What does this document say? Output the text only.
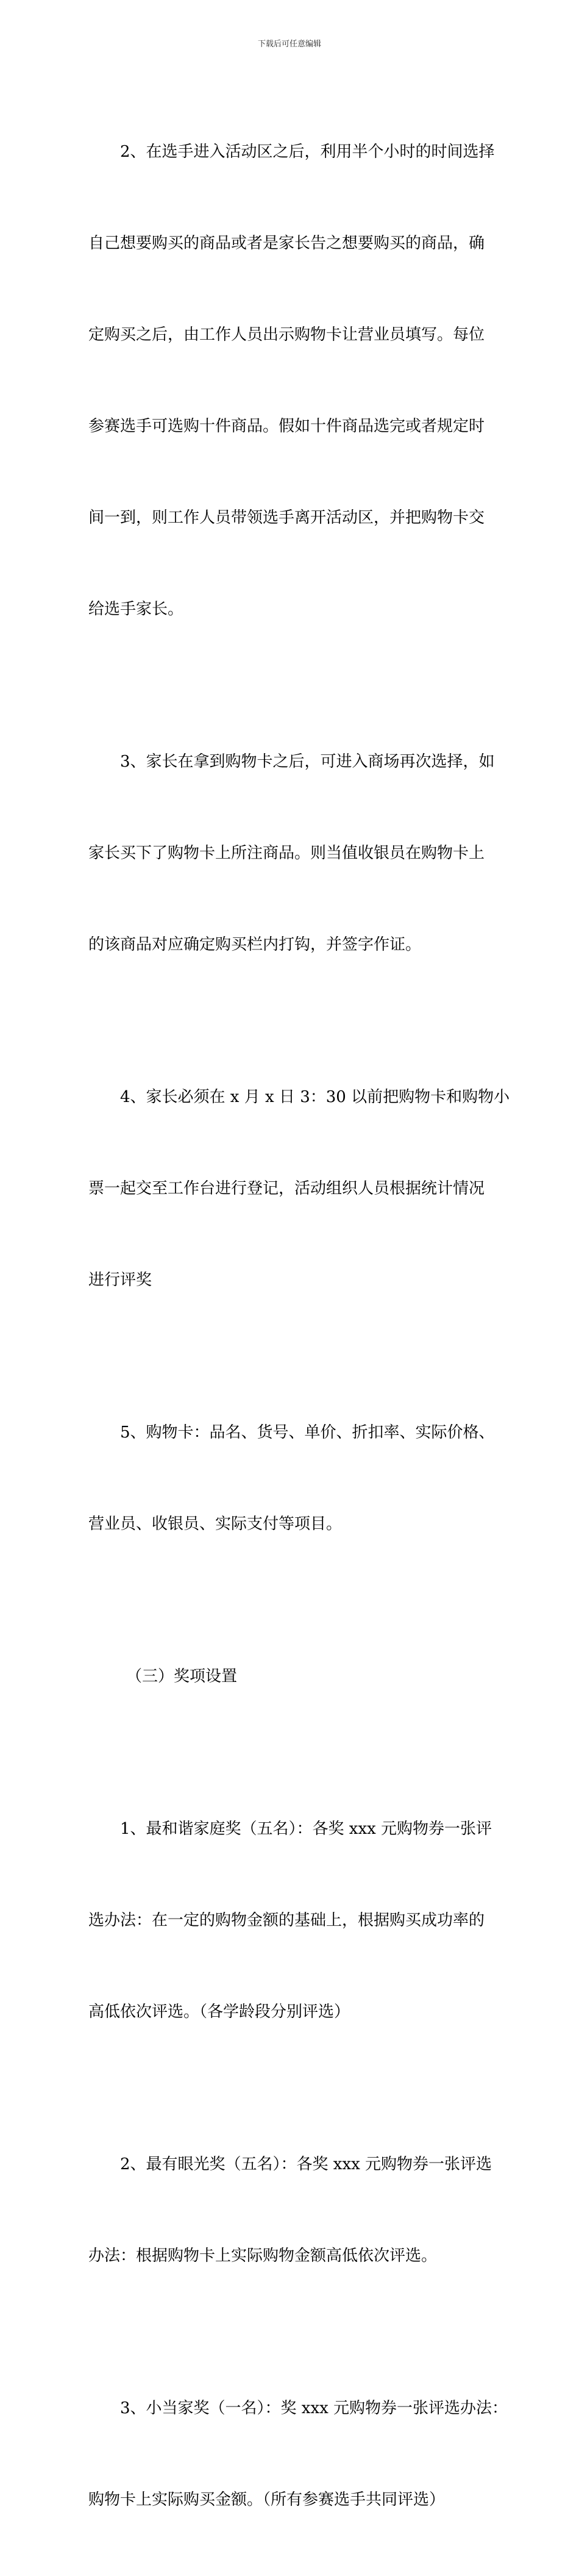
下载后可任意编辑

2、在选手进入活动区之后，利用半个小时的时间选择

自己想要购买的商品或者是家长告之想要购买的商品，确

定购买之后，由工作人员出示购物卡让营业员填写。每位

参赛选手可选购十件商品。假如十件商品选完或者规定时

间一到，则工作人员带领选手离开活动区，并把购物卡交

给选手家长。

3、家长在拿到购物卡之后，可进入商场再次选择，如

家长买下了购物卡上所注商品。则当值收银员在购物卡上

的该商品对应确定购买栏内打钩，并签字作证。

4、家长必须在 x 月 x 日 3：30 以前把购物卡和购物小

票一起交至工作台进行登记，活动组织人员根据统计情况

进行评奖

5、购物卡：品名、货号、单价、折扣率、实际价格、

营业员、收银员、实际支付等项目。

（三）奖项设置

1、最和谐家庭奖（五名）：各奖 xxx 元购物券一张评

选办法：在一定的购物金额的基础上，根据购买成功率的

高低依次评选。（各学龄段分别评选）

2、最有眼光奖（五名）：各奖 xxx 元购物券一张评选

办法：根据购物卡上实际购物金额高低依次评选。

3、小当家奖（一名）：奖 xxx 元购物券一张评选办法：

购物卡上实际购买金额。（所有参赛选手共同评选）
